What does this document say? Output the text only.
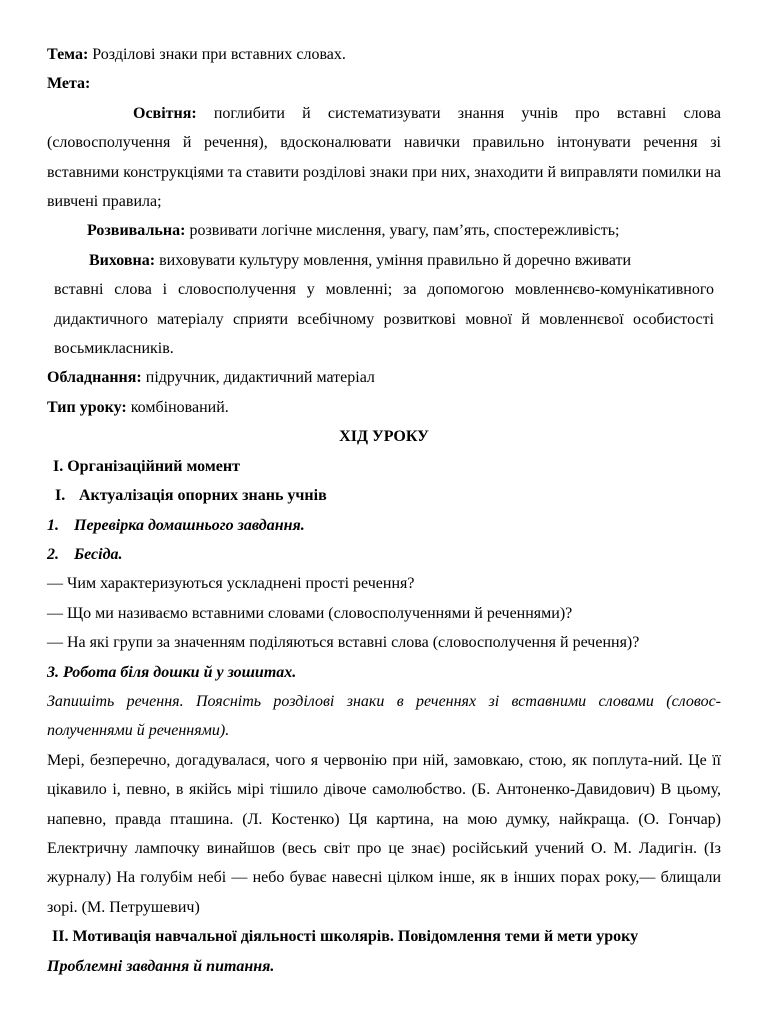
Тема: Розділові знаки при вставних словах.

Мета:

Освітня: поглибити й систематизувати знання учнів про вставні слова (словосполучення й речення), вдосконалювати навички правильно інтонувати речення зі вставними конструкціями та ставити розділові знаки при них, знаходити й виправляти помилки на вивчені правила;

Розвивальна: розвивати логічне мислення, увагу, пам’ять, спостережливість;

Виховна: виховувати культуру мовлення, уміння правильно й доречно вживати

вставні слова і словосполучення у мовленні; за допомогою мовленнєво-комунікативного дидактичного матеріалу сприяти всебічному розвиткові мовної й мовленнєвої особистості восьмикласників.

Обладнання: підручник, дидактичний матеріал

Тип уроку: комбінований.

ХІД УРОКУ

I. Організаційний момент

I. Актуалізація опорних знань учнів

1. Перевірка домашнього завдання.

2. Бесіда.

— Чим характеризуються ускладнені прості речення?

— Що ми називаємо вставними словами (словосполученнями й реченнями)?

— На які групи за значенням поділяються вставні слова (словосполучення й речення)?

3. Робота біля дошки й у зошитах.

Запишіть речення. Поясніть розділові знаки в реченнях зі вставними словами (словос-полученнями й реченнями).

Мері, безперечно, догадувалася, чого я червонію при ній, замовкаю, стою, як поплута-ний. Це її цікавило і, певно, в якійсь мірі тішило дівоче самолюбство. (Б. Антоненко-Давидович) В цьому, напевно, правда пташина. (Л. Костенко) Ця картина, на мою думку, найкраща. (О. Гончар) Електричну лампочку винайшов (весь світ про це знає) російський учений О. М. Ладигін. (Із журналу) На голубім небі — небо буває навесні цілком інше, як в інших порах року,— блищали зорі. (М. Петрушевич)

II. Мотивація навчальної діяльності школярів. Повідомлення теми й мети уроку

Проблемні завдання й питання.
